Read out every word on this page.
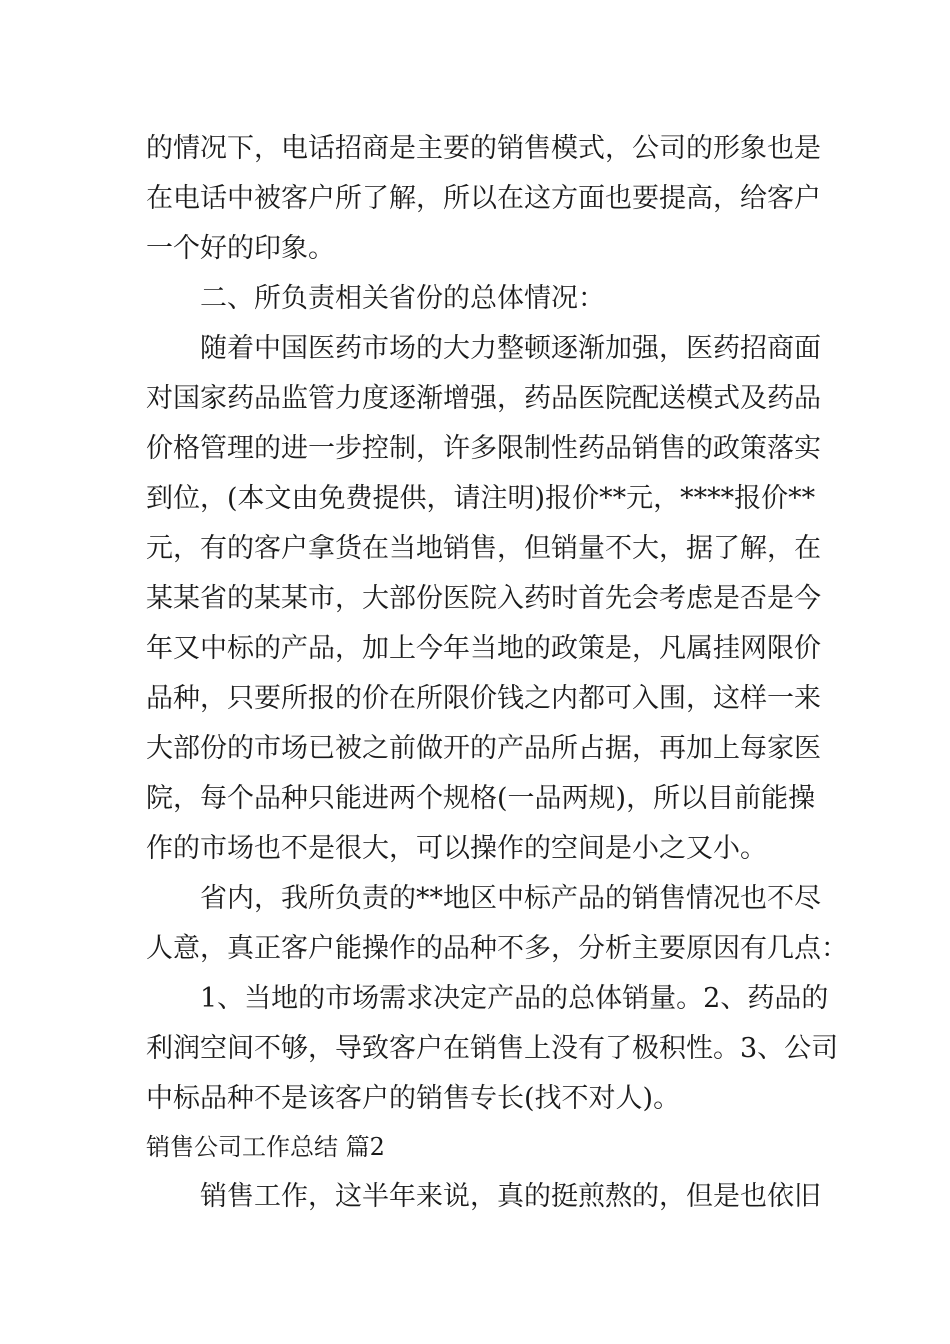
的情况下，电话招商是主要的销售模式，公司的形象也是
在电话中被客户所了解，所以在这方面也要提高，给客户
一个好的印象。
二、所负责相关省份的总体情况：
随着中国医药市场的大力整顿逐渐加强，医药招商面
对国家药品监管力度逐渐增强，药品医院配送模式及药品
价格管理的进一步控制，许多限制性药品销售的政策落实
到位，(本文由免费提供，请注明)报价**元，****报价**
元，有的客户拿货在当地销售，但销量不大，据了解，在
某某省的某某市，大部份医院入药时首先会考虑是否是今
年又中标的产品，加上今年当地的政策是，凡属挂网限价
品种，只要所报的价在所限价钱之内都可入围，这样一来
大部份的市场已被之前做开的产品所占据，再加上每家医
院，每个品种只能进两个规格(一品两规)，所以目前能操
作的市场也不是很大，可以操作的空间是小之又小。
省内，我所负责的**地区中标产品的销售情况也不尽
人意，真正客户能操作的品种不多，分析主要原因有几点：
1、当地的市场需求决定产品的总体销量。2、药品的
利润空间不够，导致客户在销售上没有了极积性。3、公司
中标品种不是该客户的销售专长(找不对人)。
销售公司工作总结 篇2
销售工作，这半年来说，真的挺煎熬的，但是也依旧
